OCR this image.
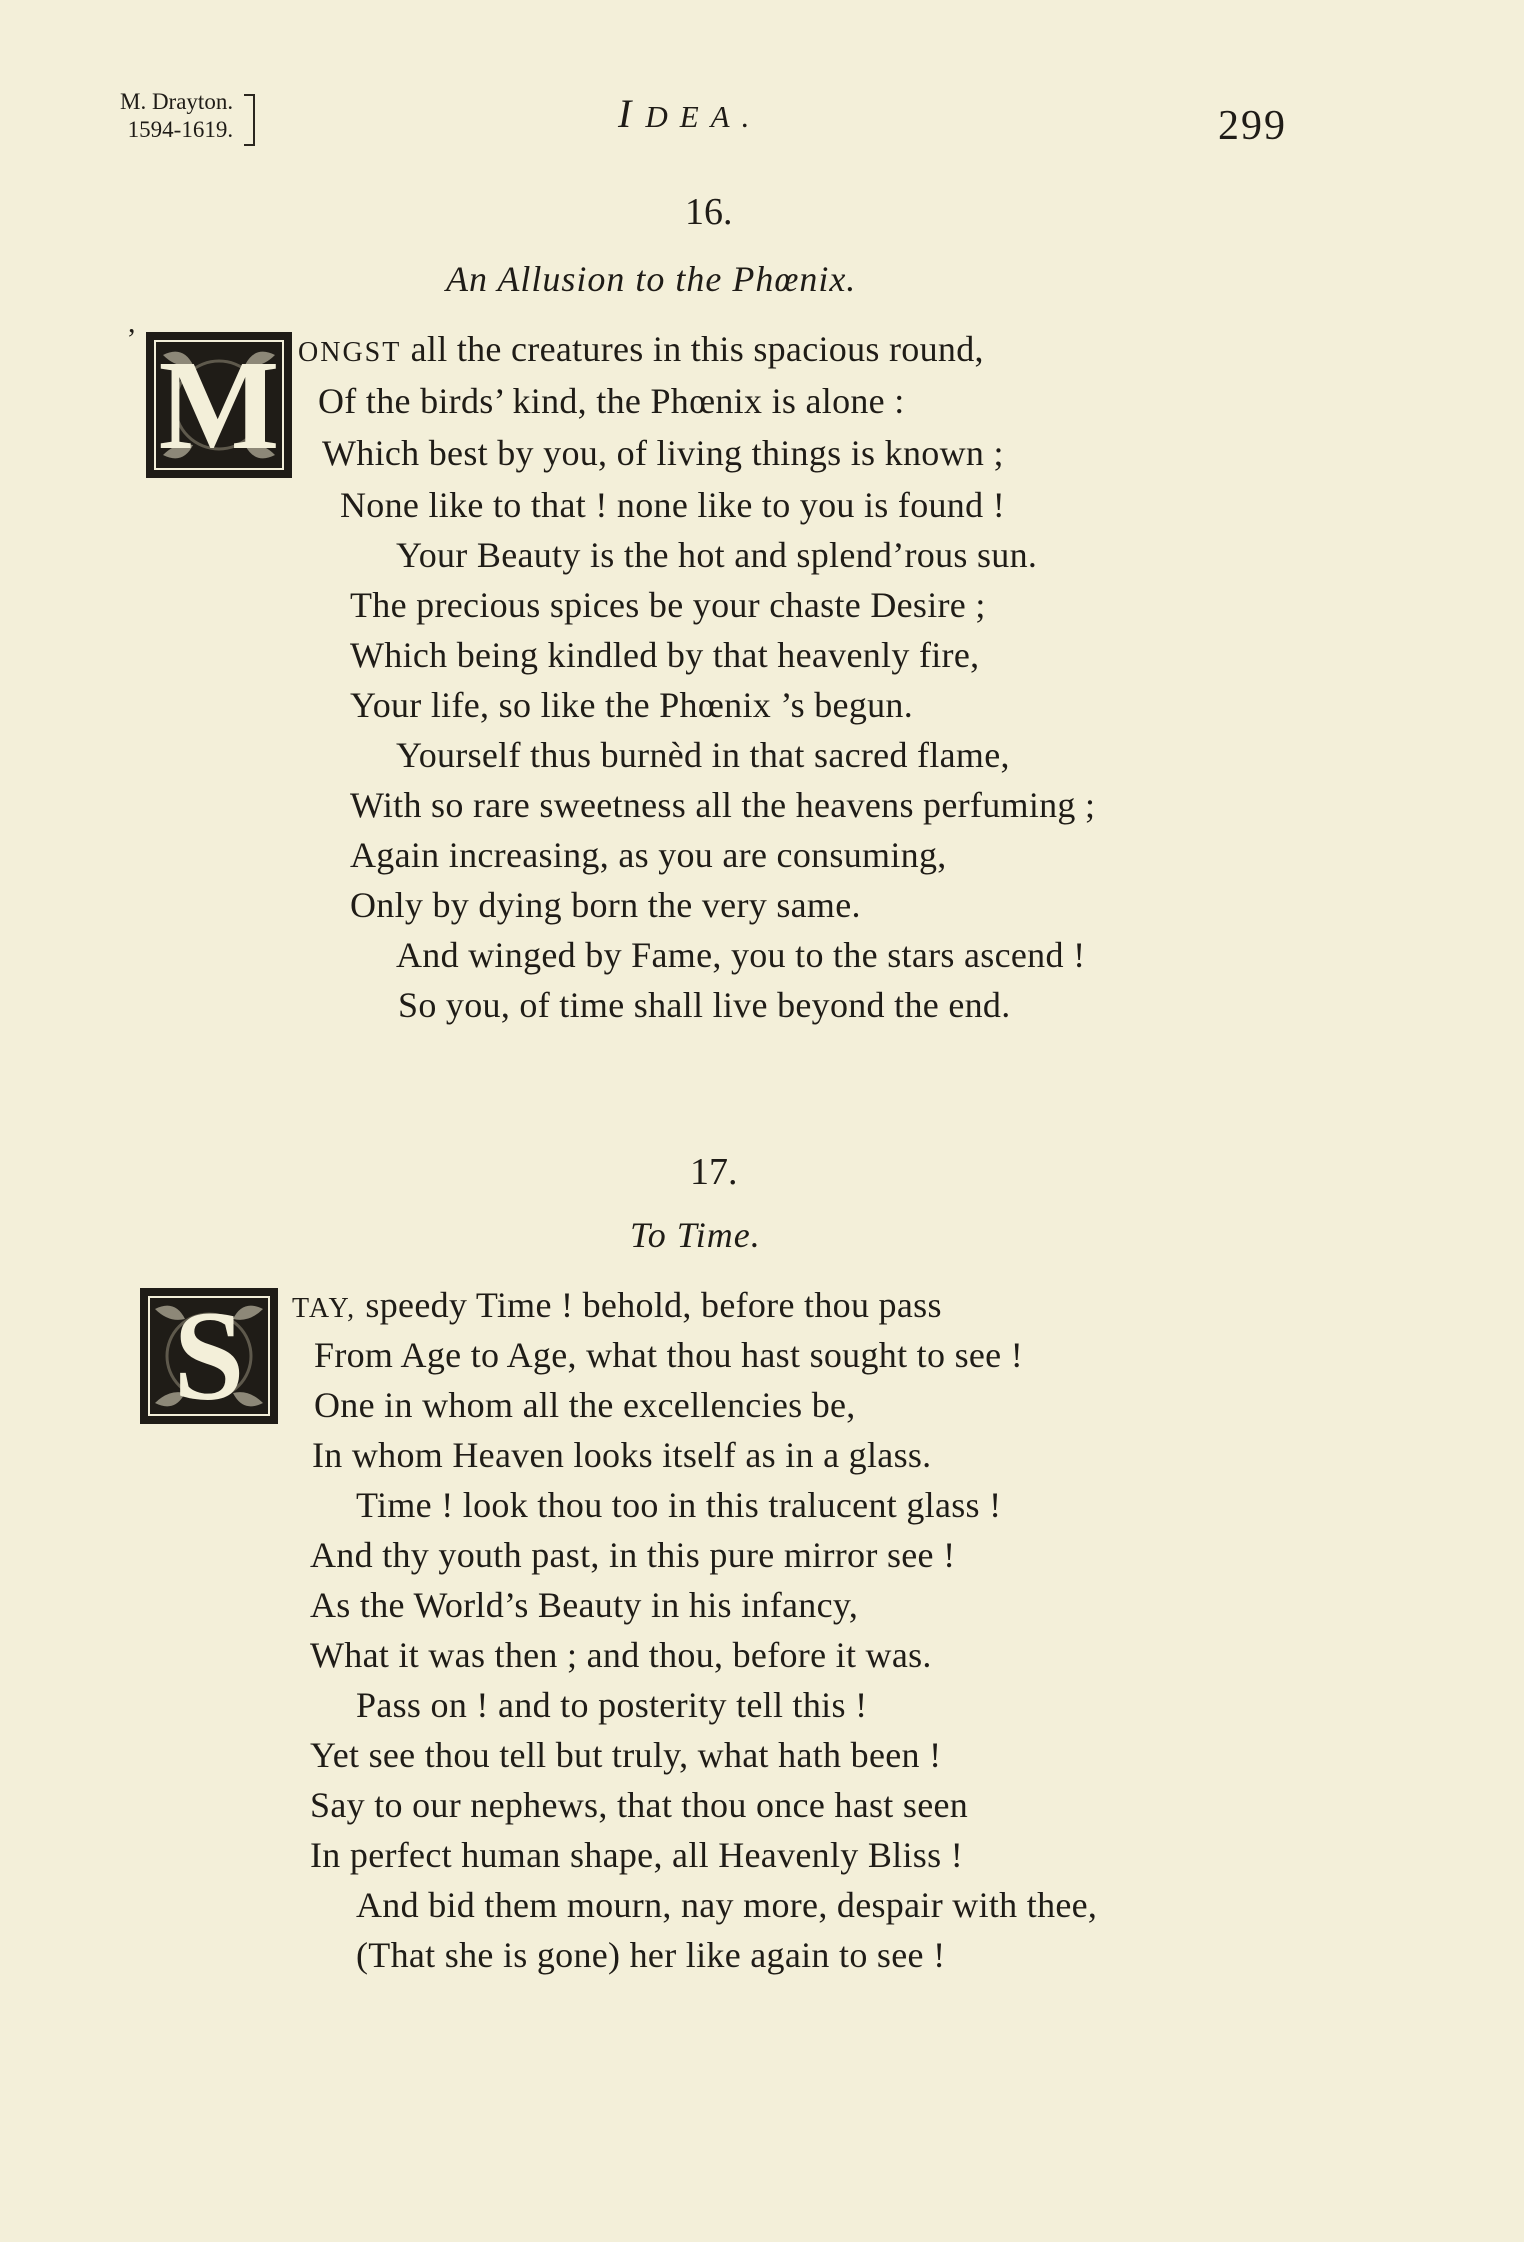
M. Drayton.
1594-1619.	IDEA.	299
16.
An Allusion to the Phœnix.
,
M ONGST all the creatures in this spacious round,
Of the birds’ kind, the Phœnix is alone :
Which best by you, of living things is known ;
None like to that ! none like to you is found !
Your Beauty is the hot and splend’rous sun.
The precious spices be your chaste Desire ;
Which being kindled by that heavenly fire,
Your life, so like the Phœnix ’s begun.
Yourself thus burnèd in that sacred flame,
With so rare sweetness all the heavens perfuming ;
Again increasing, as you are consuming,
Only by dying born the very same.
And winged by Fame, you to the stars ascend !
So you, of time shall live beyond the end.
17.
To Time.
S	TAY, speedy Time ! behold, before thou pass
From Age to Age, what thou hast sought to see !
One in whom all the excellencies be,
In whom Heaven looks itself as in a glass.
Time ! look thou too in this tralucent glass !
And thy youth past, in this pure mirror see !
As the World’s Beauty in his infancy,
What it was then ; and thou, before it was.
Pass on ! and to posterity tell this !
Yet see thou tell but truly, what hath been !
Say to our nephews, that thou once hast seen
In perfect human shape, all Heavenly Bliss !
And bid them mourn, nay more, despair with thee,
(That she is gone) her like again to see !
